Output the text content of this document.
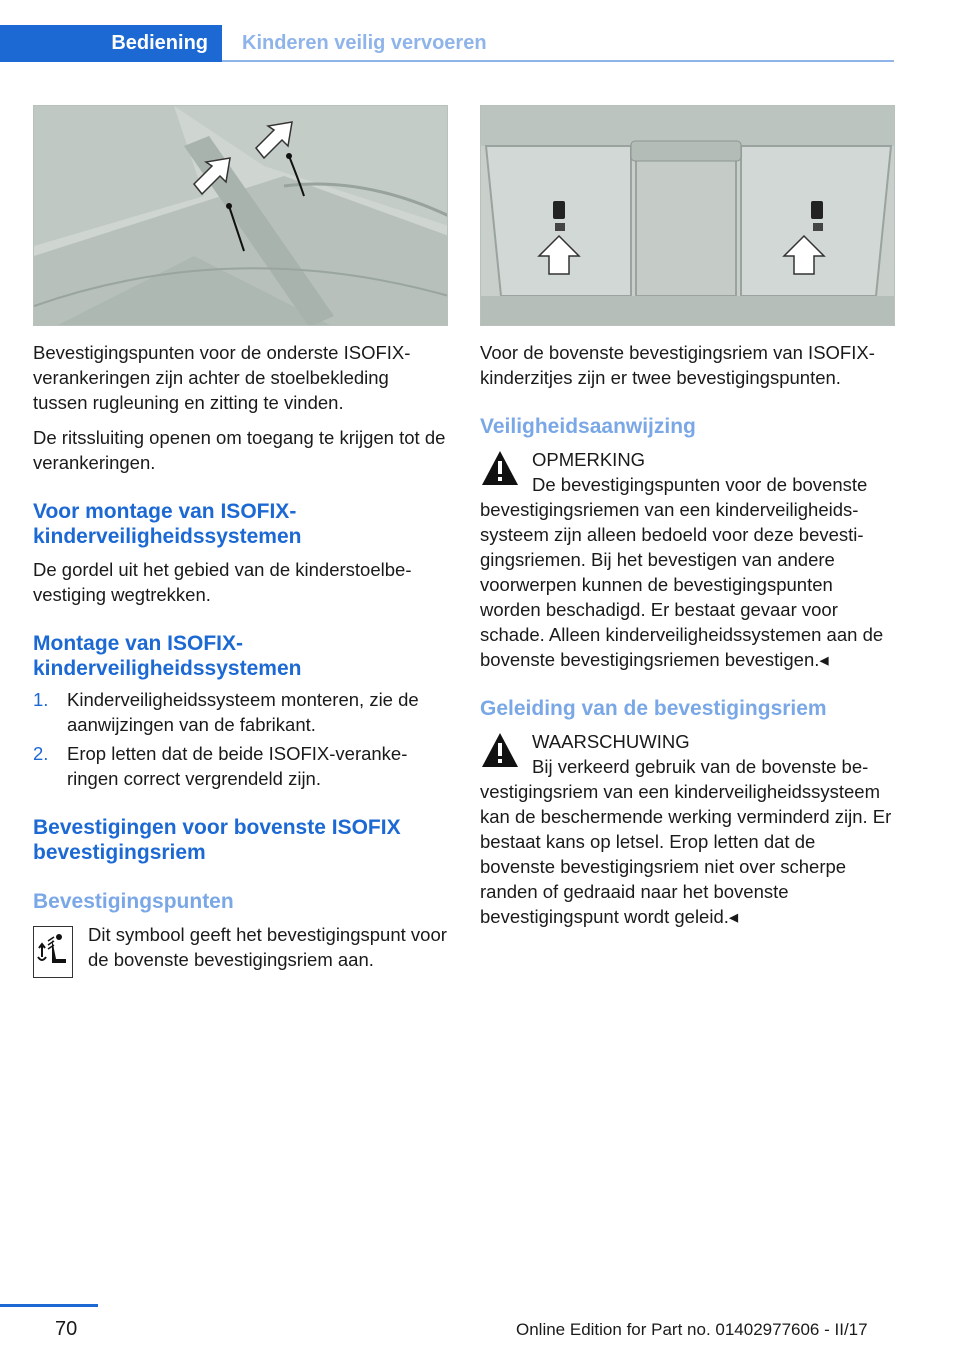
Bediening	Kinderen veilig vervoeren

Bevestigingspunten voor de onderste ISOFIX-verankeringen zijn achter de stoelbekleding tussen rugleuning en zitting te vinden.

De ritssluiting openen om toegang te krijgen tot de verankeringen.

Voor montage van ISOFIX-kinderveiligheidssystemen

De gordel uit het gebied van de kinderstoelbevestiging wegtrekken.

Montage van ISOFIX-kinderveiligheidssystemen
1. Kinderveiligheidssysteem monteren, zie de aanwijzingen van de fabrikant.
2. Erop letten dat de beide ISOFIX-verankeringen correct vergrendeld zijn.
Bevestigingen voor bovenste ISOFIX bevestigingsriem
Bevestigingspunten
Dit symbool geeft het bevestigingspunt voor de bovenste bevestigingsriem aan.

Voor de bovenste bevestigingsriem van ISOFIX-kinderzitjes zijn er twee bevestigingspunten.

Veiligheidsaanwijzing
OPMERKING
De bevestigingspunten voor de bovenste bevestigingsriemen van een kinderveiligheidssysteem zijn alleen bedoeld voor deze bevestigingsriemen. Bij het bevestigen van andere voorwerpen kunnen de bevestigingspunten worden beschadigd. Er bestaat gevaar voor schade. Alleen kinderveiligheidssystemen aan de bovenste bevestigingsriemen bevestigen.◂
Geleiding van de bevestigingsriem
WAARSCHUWING
Bij verkeerd gebruik van de bovenste bevestigingsriem van een kinderveiligheidssysteem kan de beschermende werking verminderd zijn. Er bestaat kans op letsel. Erop letten dat de bovenste bevestigingsriem niet over scherpe randen of gedraaid naar het bovenste bevestigingspunt wordt geleid.◂
70	Online Edition for Part no. 01402977606 - II/17
